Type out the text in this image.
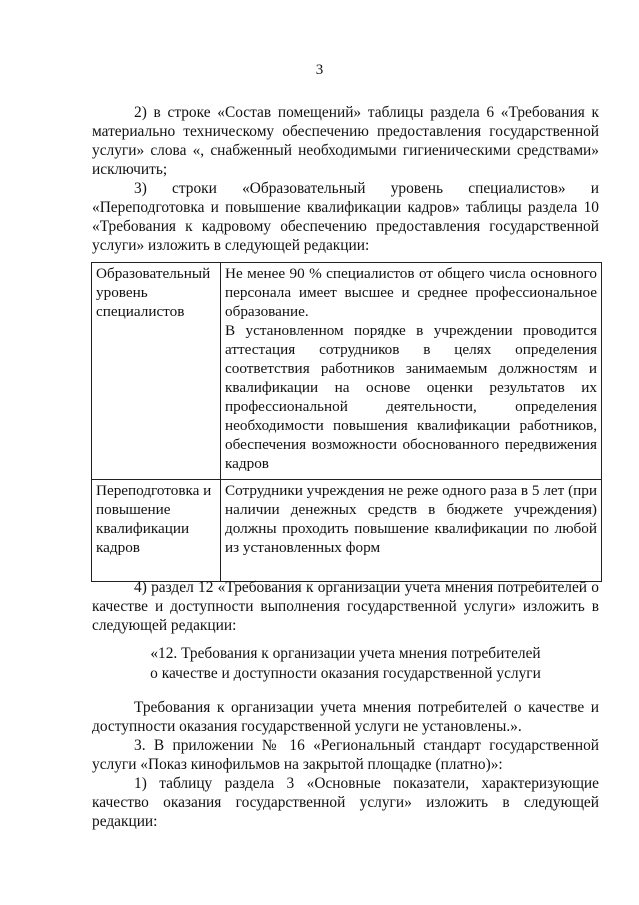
3

2) в строке «Состав помещений» таблицы раздела 6 «Требования к материально техническому обеспечению предоставления государственной услуги» слова «, снабженный необходимыми гигиеническими средствами» исключить;

3) строки «Образовательный уровень специалистов» и «Переподготовка и повышение квалификации кадров» таблицы раздела 10 «Требования к кадровому обеспечению предоставления государственной услуги» изложить в следующей редакции:

Образовательный уровень специалистов	Не менее 90 % специалистов от общего числа основного персонала имеет высшее и среднее профессиональное образование.

В установленном порядке в учреждении проводится аттестация сотрудников в целях определения соответствия работников занимаемым должностям и квалификации на основе оценки результатов их профессиональной деятельности, определения необходимости повышения квалификации работников, обеспечения возможности обоснованного передвижения кадров

Переподготовка и повышение квалификации кадров	Сотрудники учреждения не реже одного раза в 5 лет (при наличии денежных средств в бюджете учреждения) должны проходить повышение квалификации по любой из установленных форм

4) раздел 12 «Требования к организации учета мнения потребителей о качестве и доступности выполнения государственной услуги» изложить в следующей редакции:

«12. Требования к организации учета мнения потребителей
о качестве и доступности оказания государственной услуги

Требования к организации учета мнения потребителей о качестве и доступности оказания государственной услуги не установлены.».

3. В приложении № 16 «Региональный стандарт государственной услуги «Показ кинофильмов на закрытой площадке (платно)»:

1) таблицу раздела 3 «Основные показатели, характеризующие качество оказания государственной услуги» изложить в следующей редакции:
